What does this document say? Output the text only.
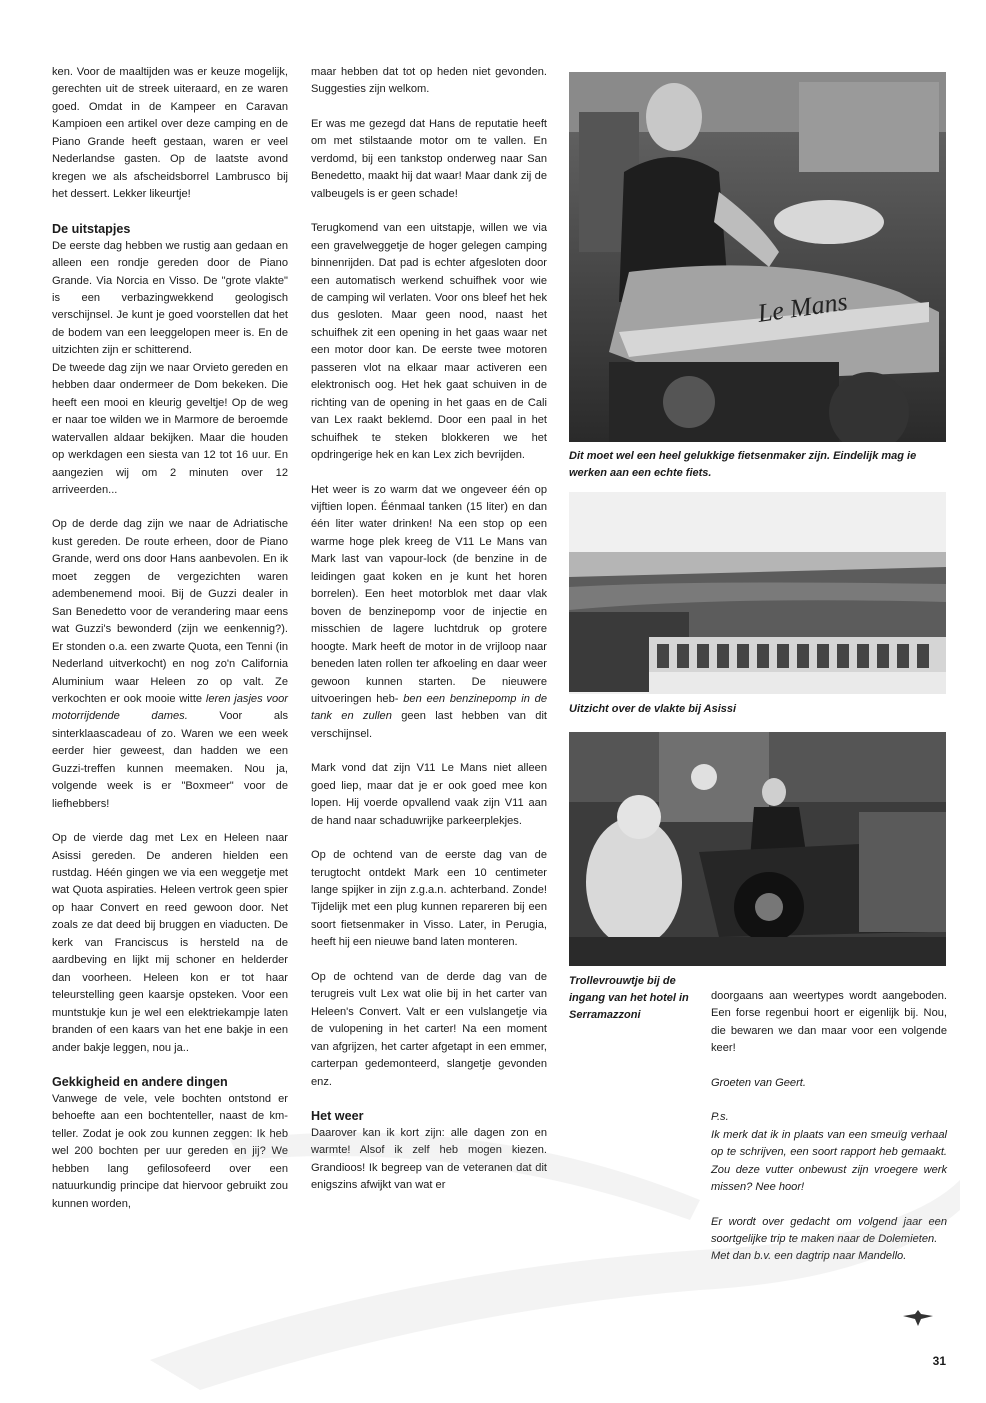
ken. Voor de maaltijden was er keuze mogelijk, gerechten uit de streek uiteraard, en ze waren goed. Omdat in de Kampeer en Caravan Kampioen een artikel over deze camping en de Piano Grande heeft gestaan, waren er veel Nederlandse gasten. Op de laatste avond kregen we als afscheidsborrel Lambrusco bij het dessert. Lekker likeurtje!

De uitstapjes

De eerste dag hebben we rustig aan gedaan en alleen een rondje gereden door de Piano Grande. Via Norcia en Visso. De "grote vlakte" is een verbazingwekkend geologisch verschijnsel. Je kunt je goed voorstellen dat het de bodem van een leeggelopen meer is. En de uitzichten zijn er schitterend.

De tweede dag zijn we naar Orvieto gereden en hebben daar ondermeer de Dom bekeken. Die heeft een mooi en kleurig geveltje! Op de weg er naar toe wilden we in Marmore de beroemde watervallen aldaar bekijken. Maar die houden op werkdagen een siesta van 12 tot 16 uur. En aangezien wij om 2 minuten over 12 arriveerden...

Op de derde dag zijn we naar de Adriatische kust gereden. De route erheen, door de Piano Grande, werd ons door Hans aanbevolen. En ik moet zeggen de vergezichten waren adembenemend mooi. Bij de Guzzi dealer in San Benedetto voor de verandering maar eens wat Guzzi's bewonderd (zijn we eenkennig?). Er stonden o.a. een zwarte Quota, een Tenni (in Nederland uitverkocht) en nog zo'n California Aluminium waar Heleen zo op valt. Ze verkochten er ook mooie witte leren jasjes voor motorrijdende dames.	Voor als sinterklaascadeau of zo. Waren we een week eerder hier geweest, dan hadden we een Guzzi-treffen kunnen meemaken. Nou ja, volgende week is er "Boxmeer" voor de liefhebbers!

Op de vierde dag met Lex en Heleen naar Asissi gereden. De anderen hielden een rustdag. Héén gingen we via een weggetje met wat Quota aspiraties. Heleen vertrok geen spier op haar Convert en reed gewoon door. Net zoals ze dat deed bij bruggen en viaducten. De kerk van Franciscus is hersteld na de aardbeving en lijkt mij schoner en helderder dan voorheen. Heleen kon er tot haar teleurstelling geen kaarsje opsteken. Voor een muntstukje kun je wel een elektriekampje laten branden of een kaars van het ene bakje in een ander bakje leggen, nou ja..

Gekkigheid en andere dingen

Vanwege de vele, vele bochten ontstond er behoefte aan een bochtenteller, naast de km-teller. Zodat je ook zou kunnen zeggen: Ik heb wel 200 bochten per uur gereden en jij? We hebben lang gefilosofeerd over een natuurkundig principe dat hiervoor gebruikt zou kunnen worden,

maar hebben dat tot op heden niet gevonden. Suggesties zijn welkom.

Er was me gezegd dat Hans de reputatie heeft om met stilstaande motor om te vallen. En verdomd, bij een tankstop onderweg naar San Benedetto, maakt hij dat waar! Maar dank zij de valbeugels is er geen schade!

Terugkomend van een uitstapje, willen we via een gravelweggetje de hoger gelegen camping binnenrijden. Dat pad is echter afgesloten door een automatisch werkend schuifhek voor wie de camping wil verlaten. Voor ons bleef het hek dus gesloten. Maar geen nood, naast het schuifhek zit een opening in het gaas waar net een motor door kan. De eerste twee motoren passeren vlot na elkaar maar activeren een elektronisch oog. Het hek gaat schuiven in de richting van de opening in het gaas en de Cali van Lex raakt beklemd. Door een paal in het schuifhek te steken blokkeren we het opdringerige hek en kan Lex zich bevrijden.

Het weer is zo warm dat we ongeveer één op vijftien lopen. Éénmaal tanken (15 liter) en dan één liter water drinken! Na een stop op een warme hoge plek kreeg de V11 Le Mans van Mark last van vapour-lock (de benzine in de leidingen gaat koken en je kunt het horen borrelen). Een heet motorblok met daar vlak boven de benzinepomp voor de injectie en misschien de lagere luchtdruk op grotere hoogte. Mark heeft de motor in de vrijloop naar beneden laten rollen ter afkoeling en daar weer gewoon kunnen starten. De nieuwere uitvoeringen heb- ben een benzinepomp in de tank en zullen geen last hebben van dit verschijnsel.

Mark vond dat zijn V11 Le Mans niet alleen goed liep, maar dat je er ook goed mee kon lopen. Hij voerde opvallend vaak zijn V11 aan de hand naar schaduwrijke parkeerplekjes.

Op de ochtend van de eerste dag van de terugtocht ontdekt Mark een 10 centimeter lange spijker in zijn z.g.a.n. achterband. Zonde! Tijdelijk met een plug kunnen repareren bij een soort fietsenmaker in Visso. Later, in Perugia, heeft hij een nieuwe band laten monteren.

Op de ochtend van de derde dag van de terugreis vult Lex wat olie bij in het carter van Heleen's Convert. Valt er een vulslangetje via de vulopening in het carter! Na een moment van afgrijzen, het carter afgetapt in een emmer, carterpan gedemonteerd, slangetje gevonden enz.

Het weer

Daarover kan ik kort zijn: alle dagen zon en warmte! Alsof ik zelf heb mogen kiezen. Grandioos! Ik begreep van de veteranen dat dit enigszins afwijkt van wat er

Le Mans
Dit moet wel een heel gelukkige fietsenmaker zijn. Eindelijk mag ie werken aan een echte fiets.
Uitzicht over de vlakte bij Asissi
Trollevrouwtje bij de ingang van het hotel in Serramazzoni

doorgaans aan weertypes wordt aangeboden. Een forse regenbui hoort er eigenlijk bij. Nou, die bewaren we dan maar voor een volgende keer!

Groeten van Geert.

P.s.

Ik merk dat ik in plaats van een smeuïg verhaal op te schrijven, een soort rapport heb gemaakt. Zou deze vutter onbewust zijn vroegere werk missen? Nee hoor!

Er wordt over gedacht om volgend jaar een soortgelijke trip te maken naar de Dolemieten.

Met dan b.v. een dagtrip naar Mandello.

31
